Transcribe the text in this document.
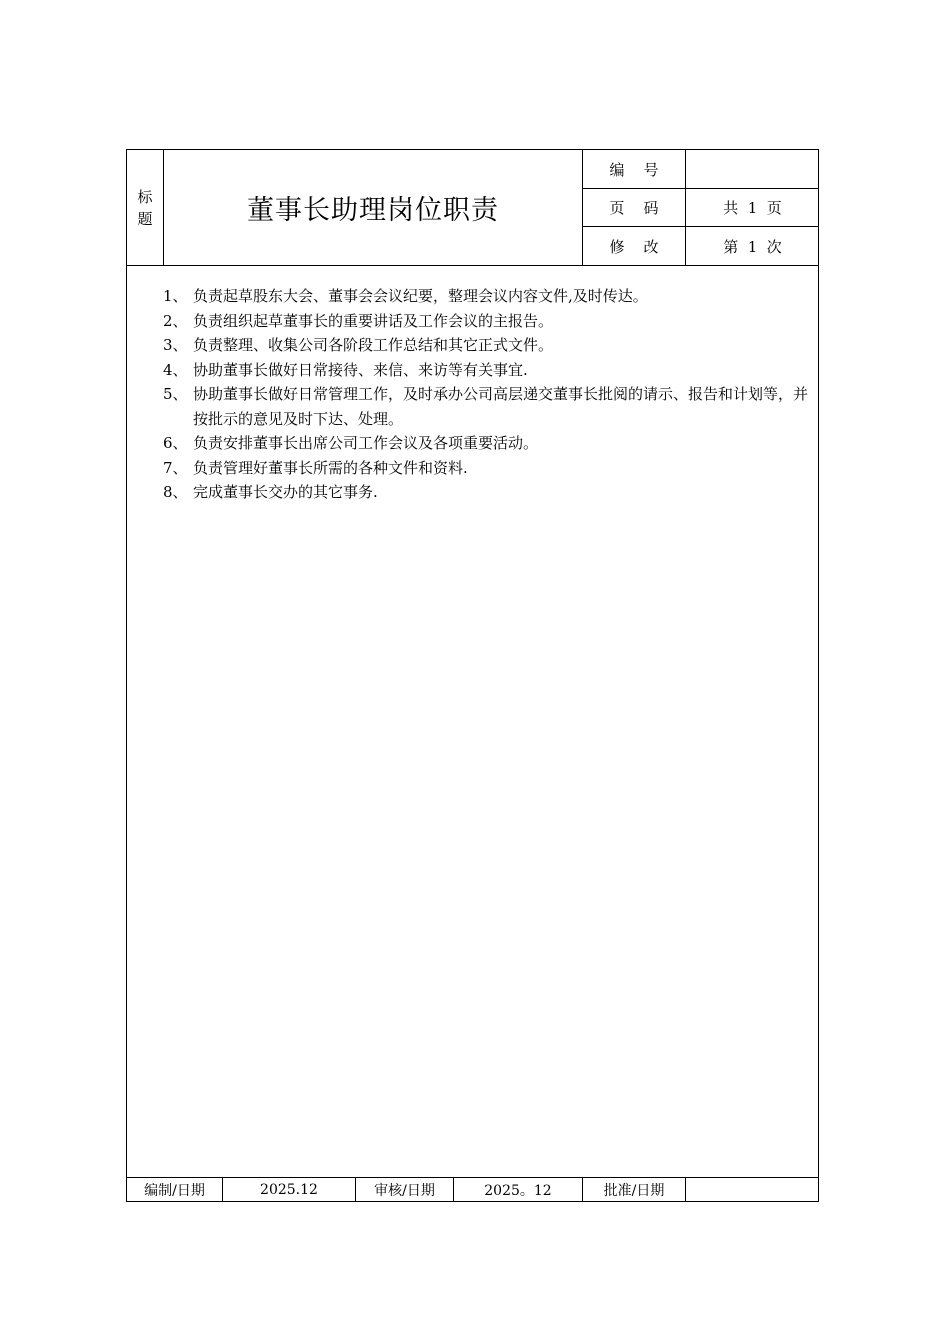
标
题	董事长助理岗位职责
编    号
页    码	共  1  页
修    改	第  1  次
1、 负责起草股东大会、董事会会议纪要，整理会议内容文件,及时传达。
2、 负责组织起草董事长的重要讲话及工作会议的主报告。
3、 负责整理、收集公司各阶段工作总结和其它正式文件。
4、 协助董事长做好日常接待、来信、来访等有关事宜.
5、 协助董事长做好日常管理工作，及时承办公司高层递交董事长批阅的请示、报告和计划等，并按批示的意见及时下达、处理。
6、 负责安排董事长出席公司工作会议及各项重要活动。
7、 负责管理好董事长所需的各种文件和资料.
8、 完成董事长交办的其它事务.
编制/日期	2025.12	审核/日期	2025。12	批准/日期
